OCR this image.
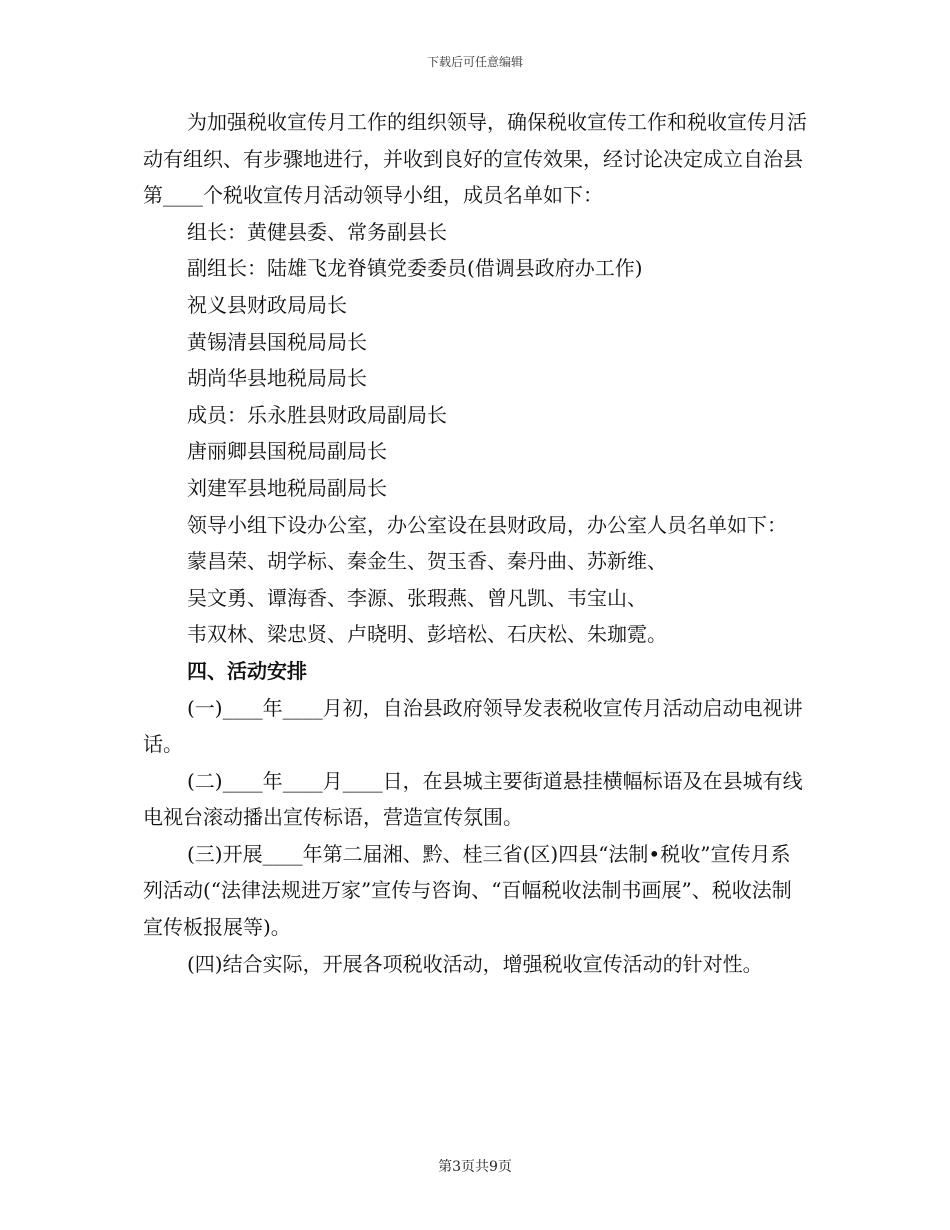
下载后可任意编辑

为加强税收宣传月工作的组织领导，确保税收宣传工作和税收宣传月活动有组织、有步骤地进行，并收到良好的宣传效果，经讨论决定成立自治县第____个税收宣传月活动领导小组，成员名单如下：

组长：黄健县委、常务副县长

副组长：陆雄飞龙脊镇党委委员(借调县政府办工作)

祝义县财政局局长

黄锡清县国税局局长

胡尚华县地税局局长

成员：乐永胜县财政局副局长

唐丽卿县国税局副局长

刘建军县地税局副局长

领导小组下设办公室，办公室设在县财政局，办公室人员名单如下：

蒙昌荣、胡学标、秦金生、贺玉香、秦丹曲、苏新维、

吴文勇、谭海香、李源、张瑕燕、曾凡凯、韦宝山、

韦双林、梁忠贤、卢晓明、彭培松、石庆松、朱珈霓。

四、活动安排

(一)____年____月初，自治县政府领导发表税收宣传月活动启动电视讲话。

(二)____年____月____日，在县城主要街道悬挂横幅标语及在县城有线电视台滚动播出宣传标语，营造宣传氛围。

(三)开展____年第二届湘、黔、桂三省(区)四县“法制•税收”宣传月系列活动(“法律法规进万家”宣传与咨询、“百幅税收法制书画展”、税收法制宣传板报展等)。

(四)结合实际，开展各项税收活动，增强税收宣传活动的针对性。

第3页共9页
